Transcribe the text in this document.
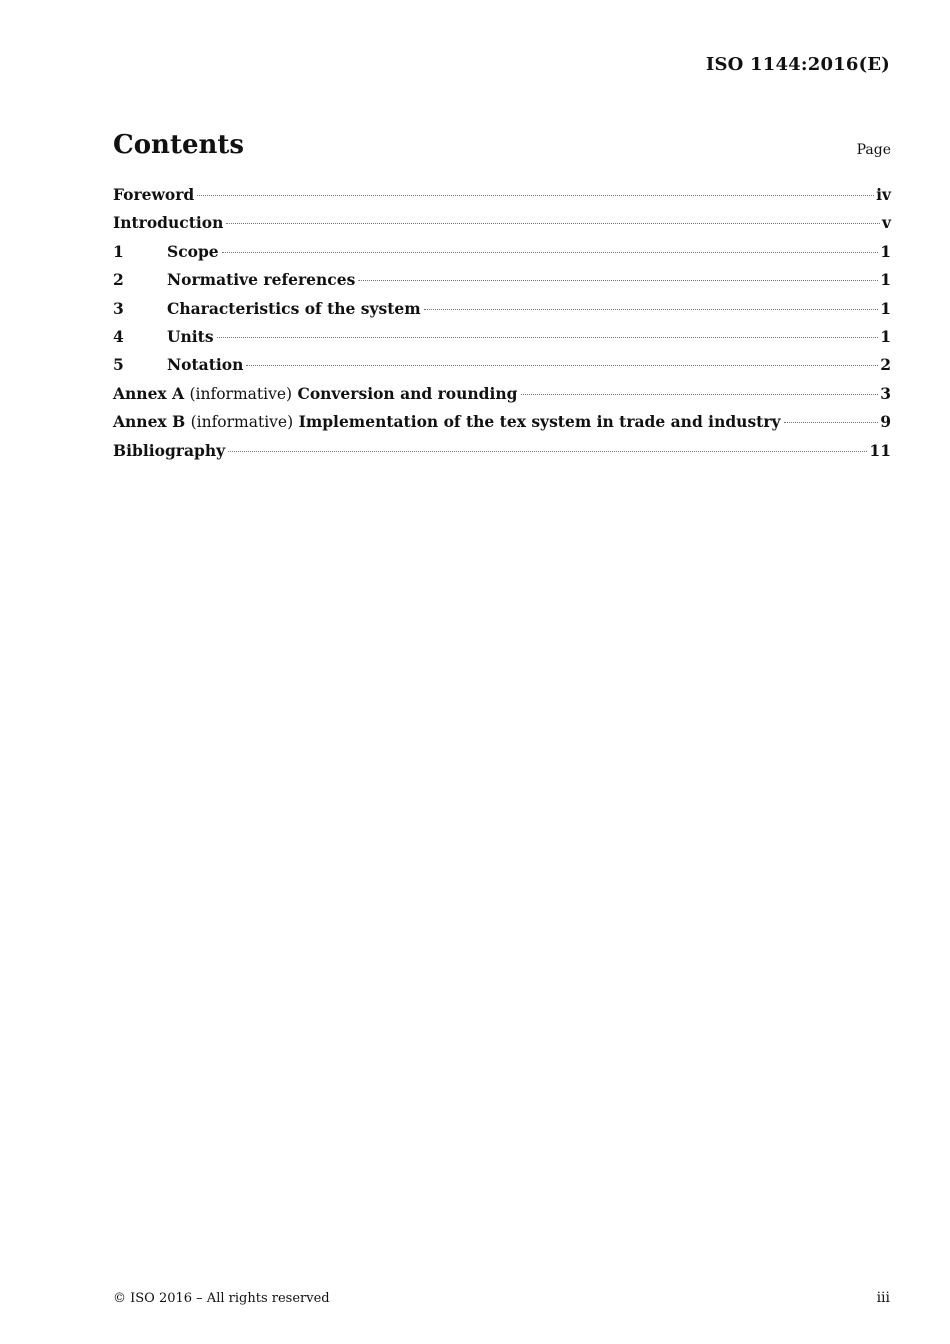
ISO 1144:2016(E)
Contents	Page
Foreword	iv
Introduction	v
1	Scope	1
2	Normative references	1
3	Characteristics of the system	1
4	Units	1
5	Notation	2
Annex A (informative) Conversion and rounding	3
Annex B (informative) Implementation of the tex system in trade and industry	9
Bibliography	11
© ISO 2016 – All rights reserved	iii
